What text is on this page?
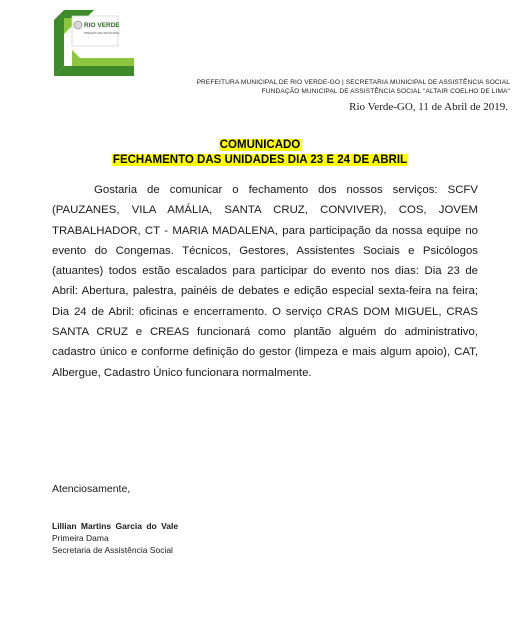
RIO VERDE
PREFEITURA MUNICIPAL
PREFEITURA MUNICIPAL DE RIO VERDE-GO | SECRETARIA MUNICIPAL DE ASSISTÊNCIA SOCIAL
FUNDAÇÃO MUNICIPAL DE ASSISTÊNCIA SOCIAL "ALTAIR COELHO DE LIMA"
Rio Verde-GO, 11 de Abril de 2019.
COMUNICADO
FECHAMENTO DAS UNIDADES DIA 23 E 24 DE ABRIL
Gostaria de comunicar o fechamento dos nossos serviços: SCFV (PAUZANES, VILA AMÁLIA, SANTA CRUZ, CONVIVER), COS, JOVEM TRABALHADOR, CT - MARIA MADALENA, para participação da nossa equipe no evento do Congemas. Técnicos, Gestores, Assistentes Sociais e Psicólogos (atuantes) todos estão escalados para participar do evento nos dias: Dia 23 de Abril: Abertura, palestra, painéis de debates e edição especial sexta-feira na feira; Dia 24 de Abril: oficinas e encerramento. O serviço CRAS DOM MIGUEL, CRAS SANTA CRUZ e CREAS funcionará como plantão alguém do administrativo, cadastro único e conforme definição do gestor (limpeza e mais algum apoio), CAT, Albergue, Cadastro Único funcionara normalmente.
Atenciosamente,
Lillian Martins Garcia do Vale
Primeira Dama
Secretaria de Assistência Social
